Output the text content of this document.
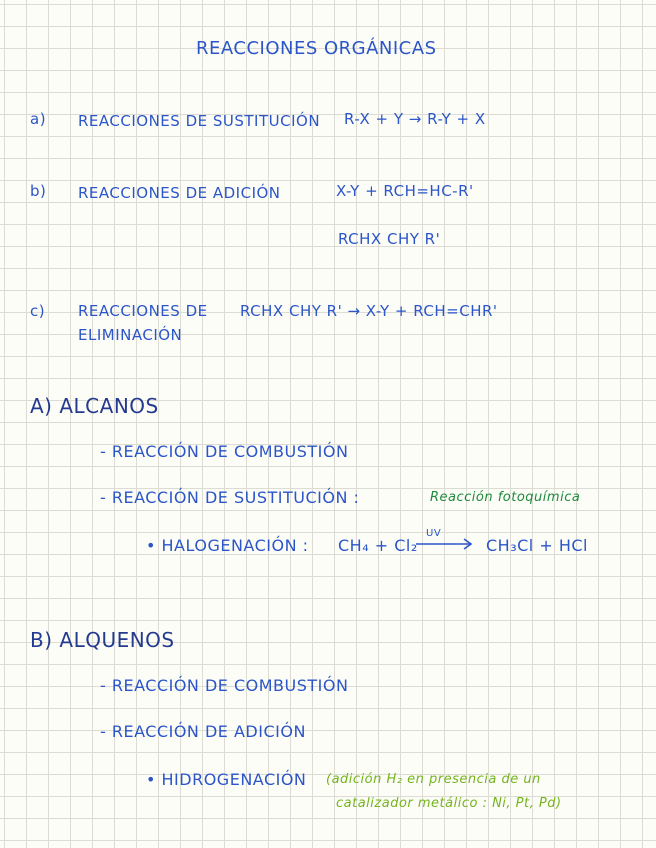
REACCIONES ORGÁNICAS
a) REACCIONES DE SUSTITUCIÓN R-X + Y → R-Y + X
b) REACCIONES DE ADICIÓN	X-Y + RCH=HC-R'
RCHX CHY R'
c) REACCIONES DE
ELIMINACIÓN
RCHX CHY R' → X-Y + RCH=CHR'
A) ALCANOS
- REACCIÓN DE COMBUSTIÓN
- REACCIÓN DE SUSTITUCIÓN :	Reacción fotoquímica
• HALOGENACIÓN : CH₄ + Cl₂
UV
→ CH₃Cl + HCl
B) ALQUENOS
- REACCIÓN DE COMBUSTIÓN
- REACCIÓN DE ADICIÓN
• HIDROGENACIÓN (adición H₂ en presencia de un
catalizador metálico : Ni, Pt, Pd)
